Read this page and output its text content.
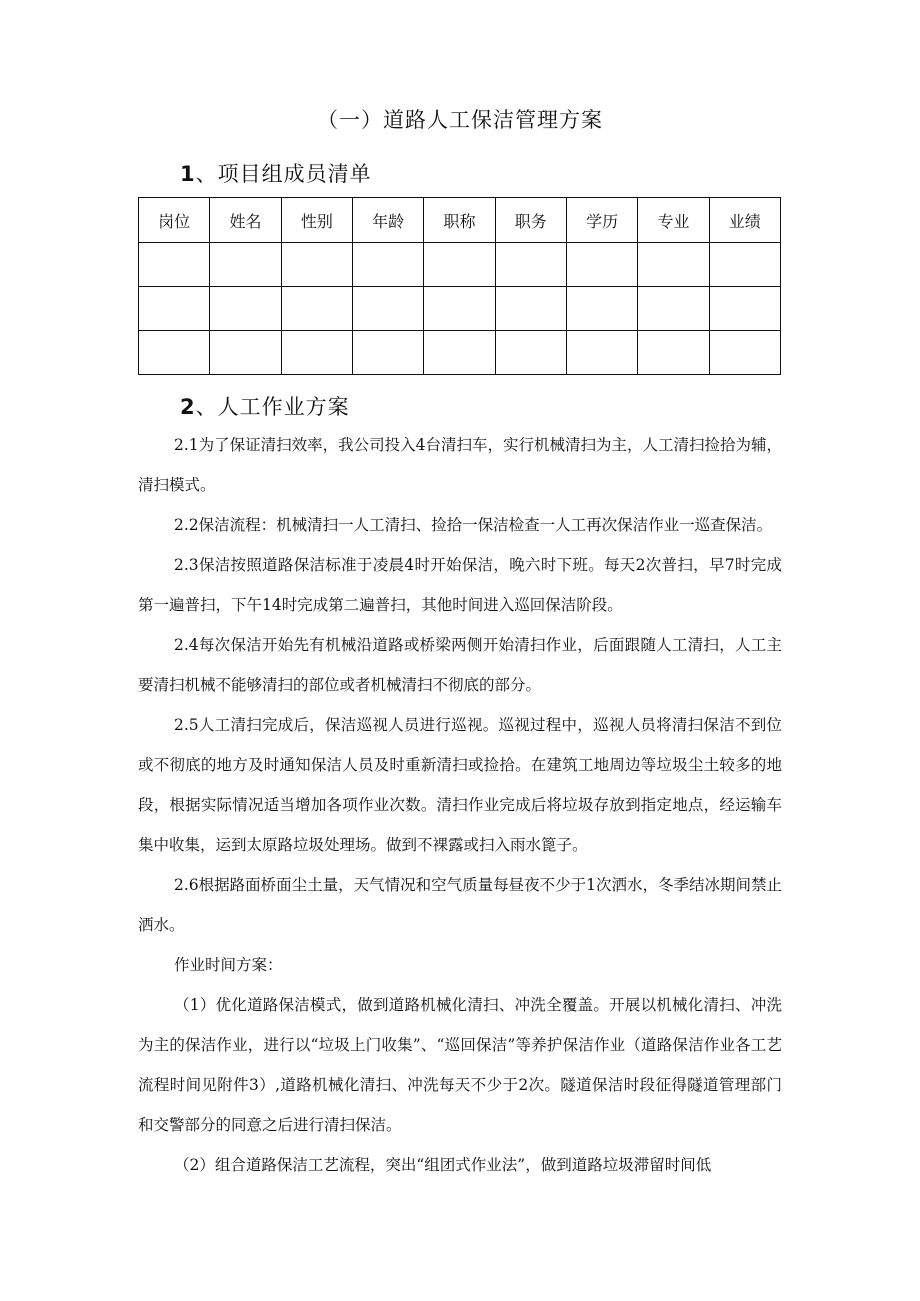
（一）道路人工保洁管理方案
1、项目组成员清单
岗位	姓名	性别	年龄	职称	职务	学历	专业	业绩

2、人工作业方案

2.1为了保证清扫效率，我公司投入4台清扫车，实行机械清扫为主，人工清扫捡拾为辅，清扫模式。

2.2保洁流程：机械清扫一人工清扫、捡拾一保洁检查一人工再次保洁作业一巡查保洁。

2.3保洁按照道路保洁标准于凌晨4时开始保洁，晚六时下班。每天2次普扫，早7时完成第一遍普扫，下午14时完成第二遍普扫，其他时间进入巡回保洁阶段。

2.4每次保洁开始先有机械沿道路或桥梁两侧开始清扫作业，后面跟随人工清扫，人工主要清扫机械不能够清扫的部位或者机械清扫不彻底的部分。

2.5人工清扫完成后，保洁巡视人员进行巡视。巡视过程中，巡视人员将清扫保洁不到位或不彻底的地方及时通知保洁人员及时重新清扫或捡拾。在建筑工地周边等垃圾尘土较多的地段，根据实际情况适当增加各项作业次数。清扫作业完成后将垃圾存放到指定地点，经运输车集中收集，运到太原路垃圾处理场。做到不裸露或扫入雨水篦子。

2.6根据路面桥面尘土量，天气情况和空气质量每昼夜不少于1次洒水，冬季结冰期间禁止洒水。

作业时间方案：

（1）优化道路保洁模式，做到道路机械化清扫、冲洗全覆盖。开展以机械化清扫、冲洗为主的保洁作业，进行以“垃圾上门收集”、“巡回保洁”等养护保洁作业（道路保洁作业各工艺流程时间见附件3）,道路机械化清扫、冲洗每天不少于2次。隧道保洁时段征得隧道管理部门和交警部分的同意之后进行清扫保洁。

（2）组合道路保洁工艺流程，突出“组团式作业法”，做到道路垃圾滞留时间低
